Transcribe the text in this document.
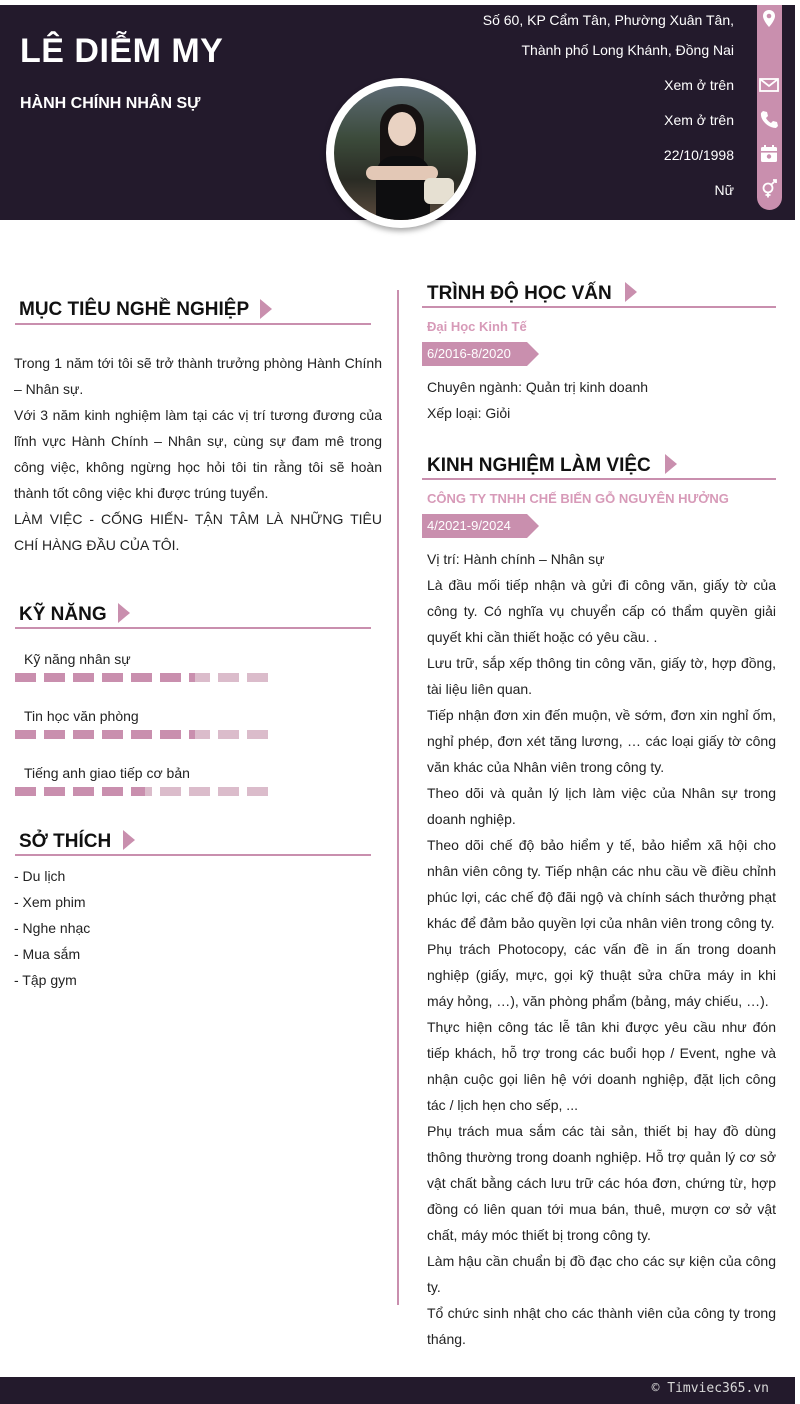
LÊ DIỄM MY
HÀNH CHÍNH NHÂN SỰ
Số 60, KP Cẩm Tân, Phường Xuân Tân,
Thành phố Long Khánh, Đồng Nai
Xem ở trên
Xem ở trên
22/10/1998
Nữ
MỤC TIÊU NGHỀ NGHIỆP

Trong 1 năm tới tôi sẽ trở thành trưởng phòng Hành Chính – Nhân sự.

Với 3 năm kinh nghiệm làm tại các vị trí tương đương của lĩnh vực Hành Chính – Nhân sự, cùng sự đam mê trong công việc, không ngừng học hỏi tôi tin rằng tôi sẽ hoàn thành tốt công việc khi được trúng tuyển.

LÀM VIỆC - CỐNG HIẾN- TẬN TÂM LÀ NHỮNG TIÊU CHÍ HÀNG ĐẦU CỦA TÔI.

KỸ NĂNG
Kỹ năng nhân sự
Tin học văn phòng
Tiếng anh giao tiếp cơ bản
SỞ THÍCH
- Du lịch
- Xem phim
- Nghe nhạc
- Mua sắm
- Tập gym
TRÌNH ĐỘ HỌC VẤN
Đại Học Kinh Tế
6/2016-8/2020
Chuyên ngành: Quản trị kinh doanh
Xếp loại: Giỏi
KINH NGHIỆM LÀM VIỆC
CÔNG TY TNHH CHẾ BIẾN GỖ NGUYÊN HƯỞNG
4/2021-9/2024

Vị trí: Hành chính – Nhân sự

Là đầu mối tiếp nhận và gửi đi công văn, giấy tờ của công ty. Có nghĩa vụ chuyển cấp có thẩm quyền giải quyết khi cần thiết hoặc có yêu cầu. .

Lưu trữ, sắp xếp thông tin công văn, giấy tờ, hợp đồng, tài liệu liên quan.

Tiếp nhận đơn xin đến muộn, về sớm, đơn xin nghỉ ốm, nghỉ phép, đơn xét tăng lương, … các loại giấy tờ công văn khác của Nhân viên trong công ty.

Theo dõi và quản lý lịch làm việc của Nhân sự trong doanh nghiệp.

Theo dõi chế độ bảo hiểm y tế, bảo hiểm xã hội cho nhân viên công ty. Tiếp nhận các nhu cầu về điều chỉnh phúc lợi, các chế độ đãi ngộ và chính sách thưởng phạt khác để đảm bảo quyền lợi của nhân viên trong công ty.

Phụ trách Photocopy, các vấn đề in ấn trong doanh nghiệp (giấy, mực, gọi kỹ thuật sửa chữa máy in khi máy hỏng, …), văn phòng phẩm (bảng, máy chiếu, …).

Thực hiện công tác lễ tân khi được yêu cầu như đón tiếp khách, hỗ trợ trong các buổi họp / Event, nghe và nhận cuộc gọi liên hệ với doanh nghiệp, đặt lịch công tác / lịch hẹn cho sếp, ...

Phụ trách mua sắm các tài sản, thiết bị hay đồ dùng thông thường trong doanh nghiệp. Hỗ trợ quản lý cơ sở vật chất bằng cách lưu trữ các hóa đơn, chứng từ, hợp đồng có liên quan tới mua bán, thuê, mượn cơ sở vật chất, máy móc thiết bị trong công ty.

Làm hậu cần chuẩn bị đồ đạc cho các sự kiện của công ty.

Tổ chức sinh nhật cho các thành viên của công ty trong tháng.

© Timviec365.vn
